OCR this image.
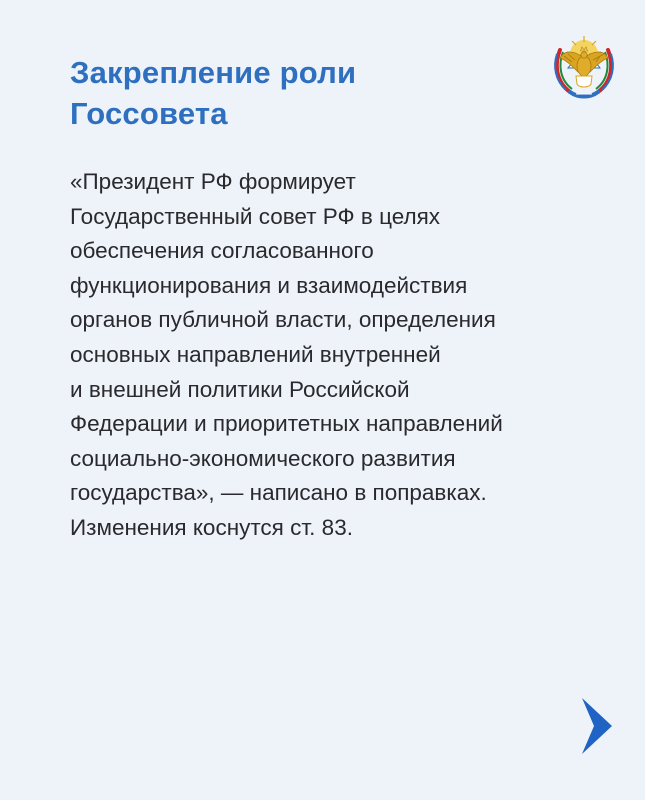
Закрепление роли
Госсовета
«Президент РФ формирует
Государственный совет РФ в целях
обеспечения согласованного
функционирования и взаимодействия
органов публичной власти, определения
основных направлений внутренней
и внешней политики Российской
Федерации и приоритетных направлений
социально-экономического развития
государства», — написано в поправках.
Изменения коснутся ст. 83.
